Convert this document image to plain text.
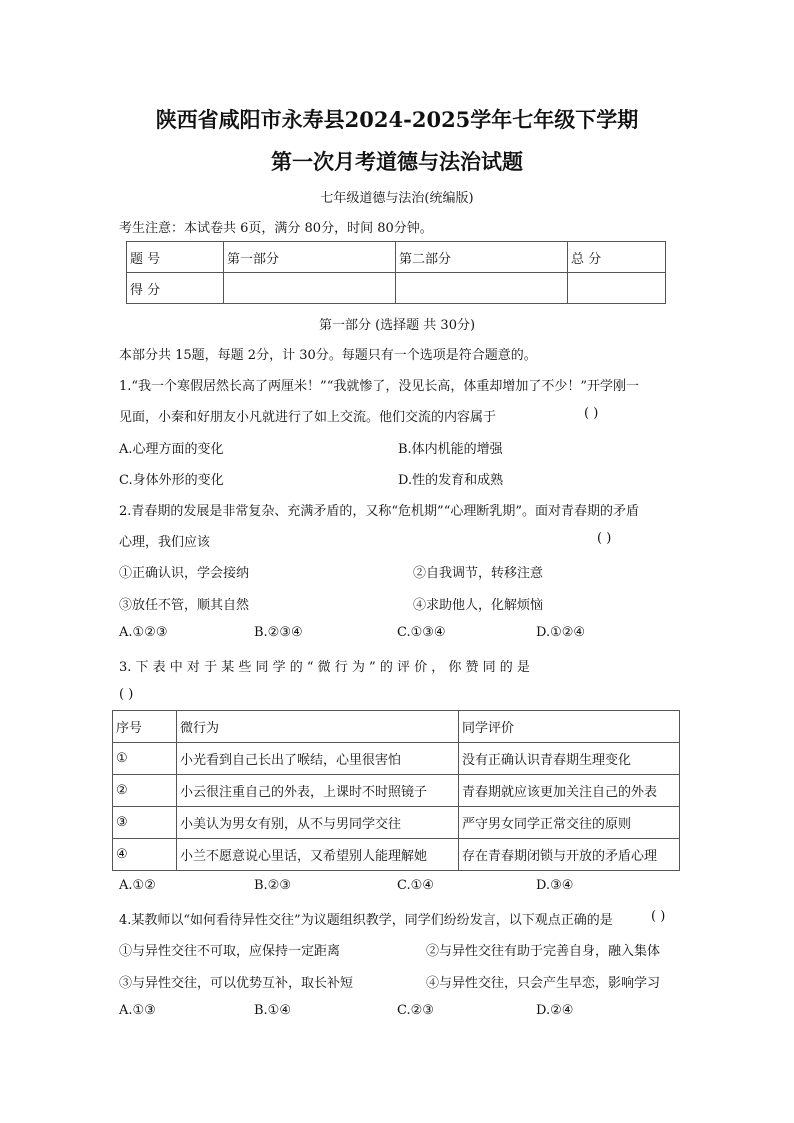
陕西省咸阳市永寿县2024-2025学年七年级下学期
第一次月考道德与法治试题
七年级道德与法治(统编版)
考生注意：本试卷共 6页，满分 80分，时间 80分钟。
题 号	第一部分	第二部分	总 分
得 分			
第一部分 (选择题 共 30分)
本部分共 15题，每题 2分，计 30分。每题只有一个选项是符合题意的。
1.“我一个寒假居然长高了两厘米！”“我就惨了，没见长高，体重却增加了不少！”开学刚一
见面，小秦和好朋友小凡就进行了如上交流。他们交流的内容属于	( )
A.心理方面的变化	B.体内机能的增强
C.身体外形的变化	D.性的发育和成熟
2.青春期的发展是非常复杂、充满矛盾的，又称“危机期”“心理断乳期”。面对青春期的矛盾
心理，我们应该	( )
①正确认识，学会接纳	②自我调节，转移注意
③放任不管，顺其自然	④求助他人，化解烦恼
A.①②③	B.②③④	C.①③④	D.①②④
3. 下 表 中 对 于 某 些 同 学 的 “ 微 行 为 ” 的 评 价 ， 你 赞 同 的 是
( )
序号	微行为	同学评价
①	小光看到自己长出了喉结，心里很害怕	没有正确认识青春期生理变化
②	小云很注重自己的外表，上课时不时照镜子	青春期就应该更加关注自己的外表
③	小美认为男女有别，从不与男同学交往	严守男女同学正常交往的原则
④	小兰不愿意说心里话，又希望别人能理解她	存在青春期闭锁与开放的矛盾心理
A.①②	B.②③	C.①④	D.③④
4.某教师以“如何看待异性交往”为议题组织教学，同学们纷纷发言，以下观点正确的是	( )
①与异性交往不可取，应保持一定距离	②与异性交往有助于完善自身，融入集体
③与异性交往，可以优势互补，取长补短	④与异性交往，只会产生早恋，影响学习
A.①③	B.①④	C.②③	D.②④
